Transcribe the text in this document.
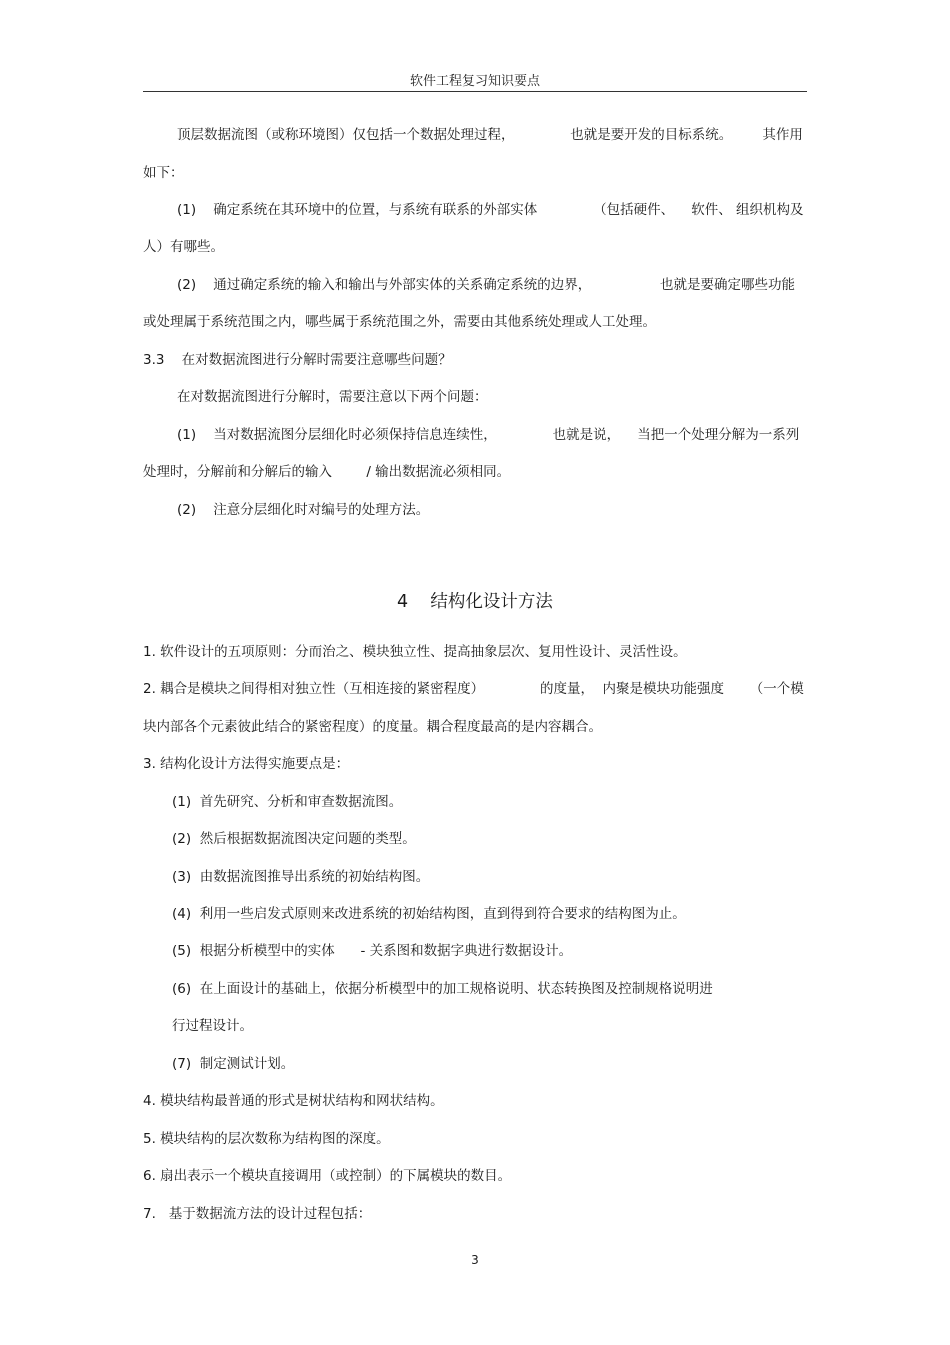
软件工程复习知识要点
顶层数据流图（或称环境图）仅包括一个数据处理过程，             也就是要开发的目标系统。       其作用
如下：
(1)    确定系统在其环境中的位置，与系统有联系的外部实体             （包括硬件、    软件、 组织机构及
人）有哪些。
(2)    通过确定系统的输入和输出与外部实体的关系确定系统的边界，                也就是要确定哪些功能
或处理属于系统范围之内，哪些属于系统范围之外，需要由其他系统处理或人工处理。
3.3    在对数据流图进行分解时需要注意哪些问题？
在对数据流图进行分解时，需要注意以下两个问题：
(1)    当对数据流图分层细化时必须保持信息连续性，             也就是说，    当把一个处理分解为一系列
处理时，分解前和分解后的输入        / 输出数据流必须相同。
(2)    注意分层细化时对编号的处理方法。
4    结构化设计方法
1. 软件设计的五项原则：分而治之、模块独立性、提高抽象层次、复用性设计、灵活性设。
2. 耦合是模块之间得相对独立性（互相连接的紧密程度）             的度量，  内聚是模块功能强度      （一个模
块内部各个元素彼此结合的紧密程度）的度量。耦合程度最高的是内容耦合。
3. 结构化设计方法得实施要点是：
(1)  首先研究、分析和审查数据流图。
(2)  然后根据数据流图决定问题的类型。
(3)  由数据流图推导出系统的初始结构图。
(4)  利用一些启发式原则来改进系统的初始结构图，直到得到符合要求的结构图为止。
(5)  根据分析模型中的实体      - 关系图和数据字典进行数据设计。
(6)  在上面设计的基础上，依据分析模型中的加工规格说明、状态转换图及控制规格说明进
行过程设计。
(7)  制定测试计划。
4. 模块结构最普通的形式是树状结构和网状结构。
5. 模块结构的层次数称为结构图的深度。
6. 扇出表示一个模块直接调用（或控制）的下属模块的数目。
7.   基于数据流方法的设计过程包括：
3
